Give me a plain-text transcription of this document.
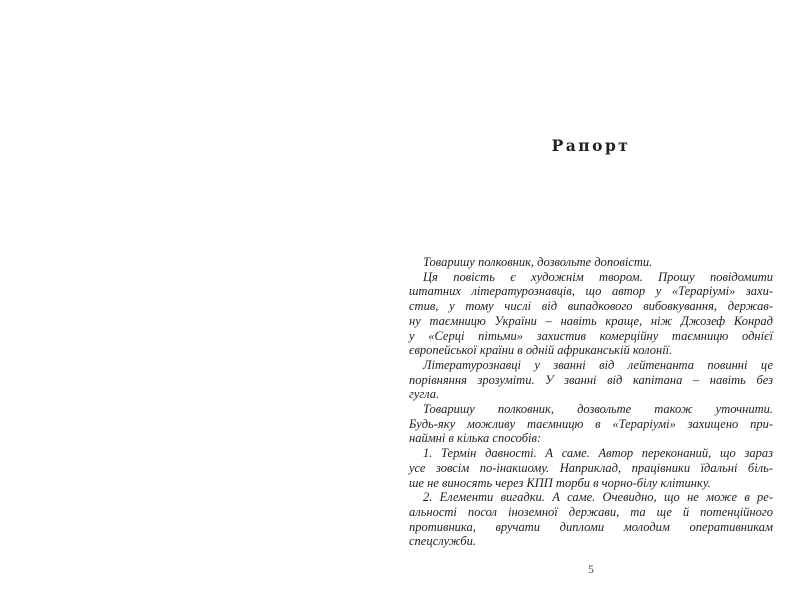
Рапорт
Товаришу полковник, дозвольте доповісти.
Ця повість є художнім твором. Прошу повідомити
штатних літературознавців, що автор у «Тераріумі» захи-
стив, у тому числі від випадкового вибовкування, держав-
ну таємницю України – навіть краще, ніж Джозеф Конрад
у «Серці пітьми» захистив комерційну таємницю однієї
європейської країни в одній африканській колонії.
Літературознавці у званні від лейтенанта повинні це
порівняння зрозуміти. У званні від капітана – навіть без
гугла.
Товаришу полковник, дозвольте також уточнити.
Будь-яку можливу таємницю в «Тераріумі» захищено при-
наймні в кілька способів:
1. Термін давності. А саме. Автор переконаний, що зараз
усе зовсім по-інакшому. Наприклад, працівники їдальні біль-
ше не виносять через КПП торби в чорно-білу клітинку.
2. Елементи вигадки. А саме. Очевидно, що не може в ре-
альності посол іноземної держави, та ще й потенційного
противника, вручати дипломи молодим оперативникам
спецслужби.
5
